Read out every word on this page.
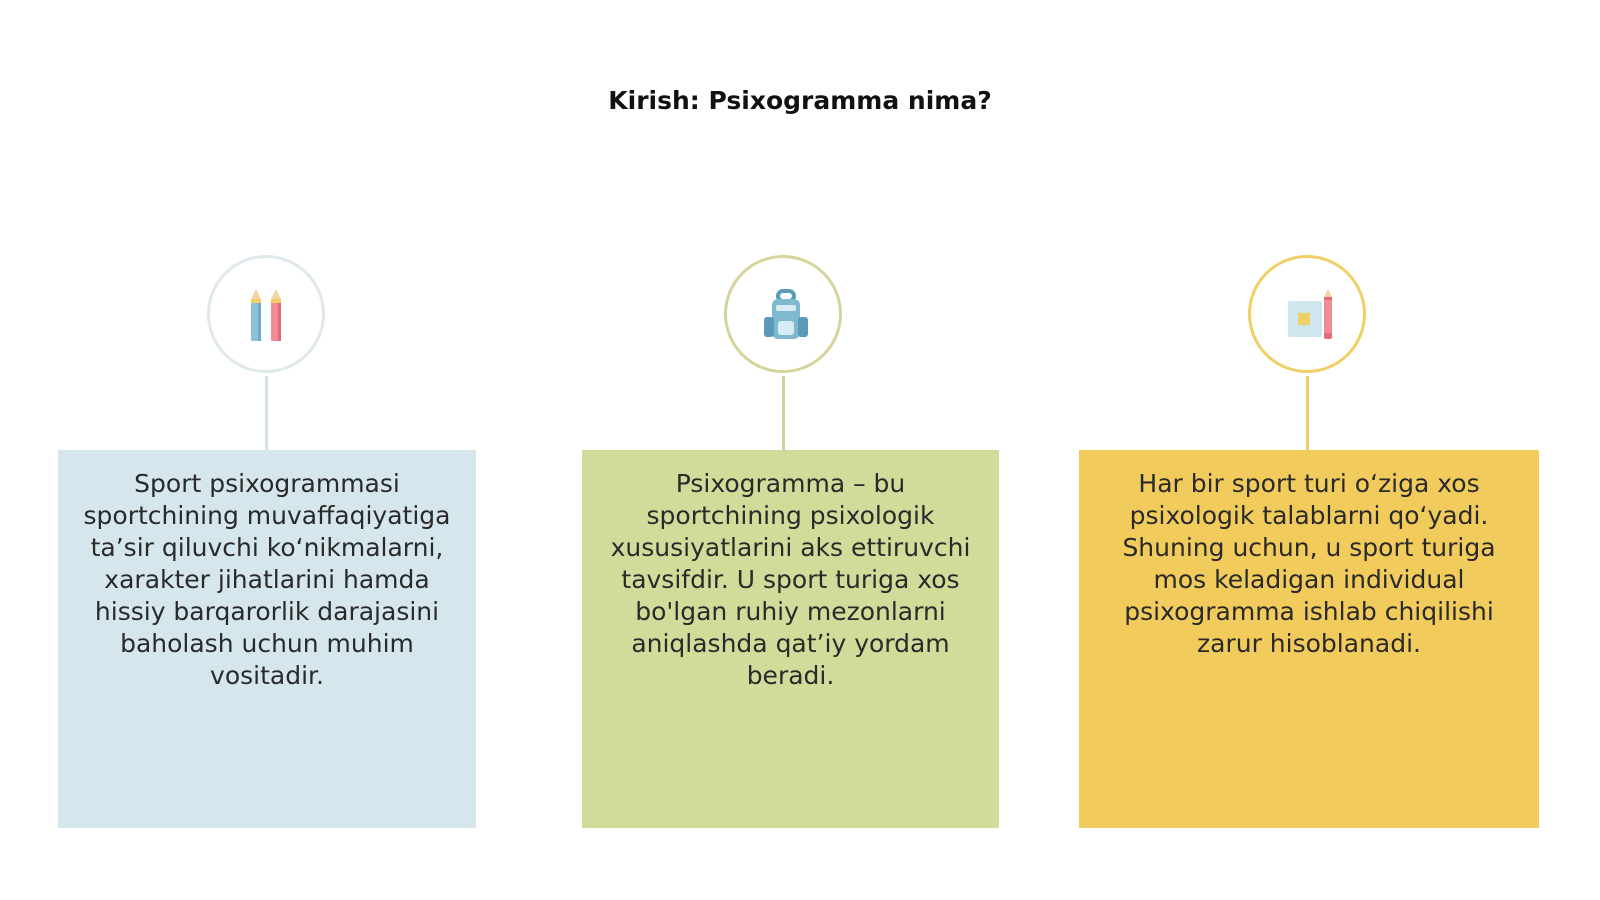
Kirish: Psixogramma nima?
Sport psixogrammasi sportchining muvaffaqiyatiga ta’sir qiluvchi ko‘nikmalarni, xarakter jihatlarini hamda hissiy barqarorlik darajasini baholash uchun muhim vositadir.
Psixogramma – bu sportchining psixologik xususiyatlarini aks ettiruvchi tavsifdir. U sport turiga xos bo'lgan ruhiy mezonlarni aniqlashda qat’iy yordam beradi.
Har bir sport turi o‘ziga xos psixologik talablarni qo‘yadi. Shuning uchun, u sport turiga mos keladigan individual psixogramma ishlab chiqilishi zarur hisoblanadi.
